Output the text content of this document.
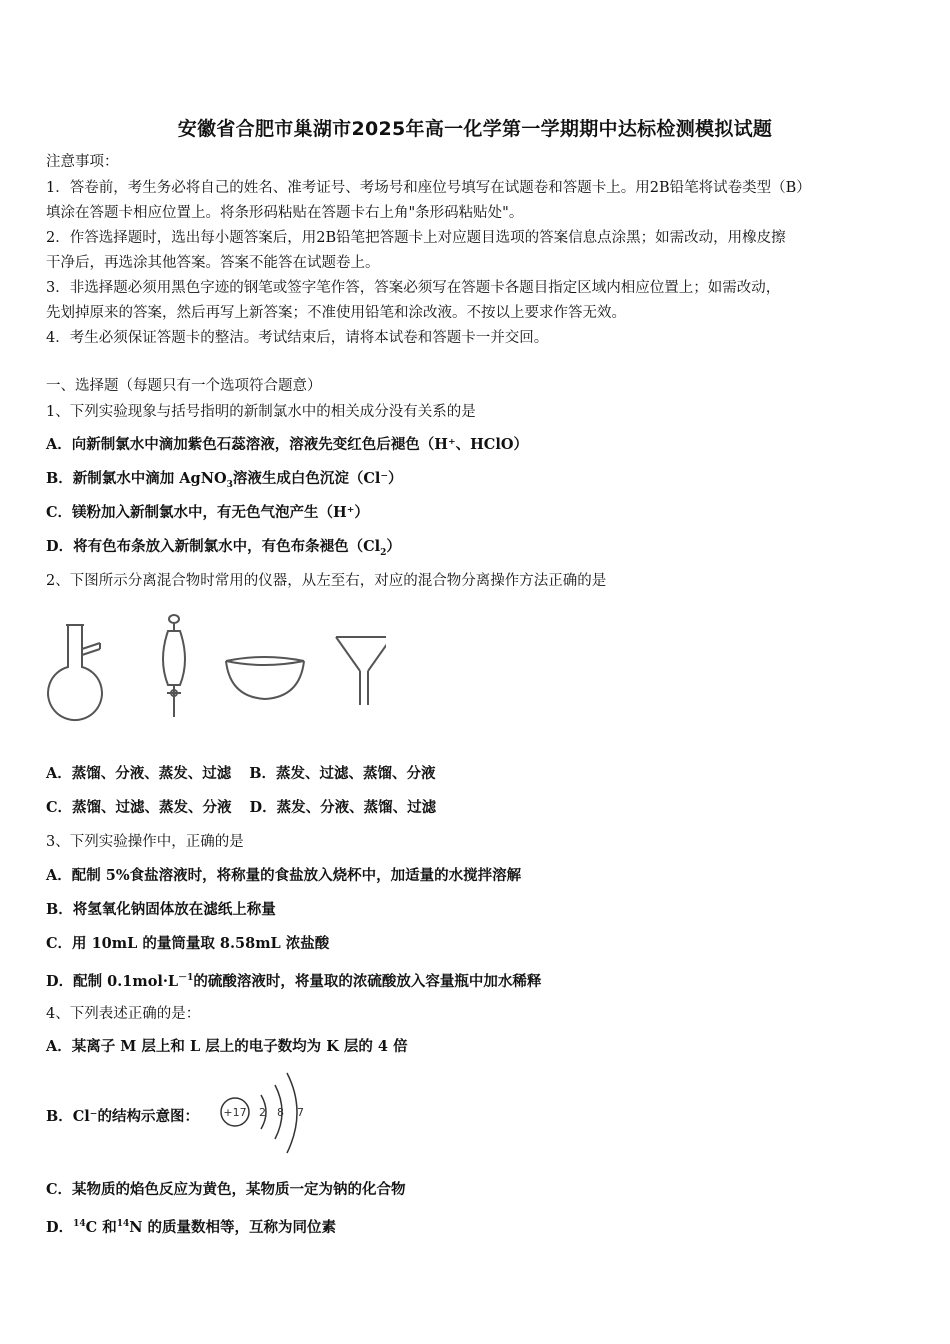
安徽省合肥市巢湖市2025年高一化学第一学期期中达标检测模拟试题
注意事项：
1．答卷前，考生务必将自己的姓名、准考证号、考场号和座位号填写在试题卷和答题卡上。用2B铅笔将试卷类型（B）
填涂在答题卡相应位置上。将条形码粘贴在答题卡右上角"条形码粘贴处"。
2．作答选择题时，选出每小题答案后，用2B铅笔把答题卡上对应题目选项的答案信息点涂黑；如需改动，用橡皮擦
干净后，再选涂其他答案。答案不能答在试题卷上。
3．非选择题必须用黑色字迹的钢笔或签字笔作答，答案必须写在答题卡各题目指定区域内相应位置上；如需改动，
先划掉原来的答案，然后再写上新答案；不准使用铅笔和涂改液。不按以上要求作答无效。
4．考生必须保证答题卡的整洁。考试结束后，请将本试卷和答题卡一并交回。
一、选择题（每题只有一个选项符合题意）
1、下列实验现象与括号指明的新制氯水中的相关成分没有关系的是
A．向新制氯水中滴加紫色石蕊溶液，溶液先变红色后褪色（H⁺、HClO）
B．新制氯水中滴加 AgNO$_3$溶液生成白色沉淀（Cl⁻）
C．镁粉加入新制氯水中，有无色气泡产生（H⁺）
D．将有色布条放入新制氯水中，有色布条褪色$(Cl_2)$
2、下图所示分离混合物时常用的仪器，从左至右，对应的混合物分离操作方法正确的是
A．蒸馏、分液、蒸发、过滤 B．蒸发、过滤、蒸馏、分液
C．蒸馏、过滤、蒸发、分液 D．蒸发、分液、蒸馏、过滤
3、下列实验操作中，正确的是
A．配制 5%食盐溶液时，将称量的食盐放入烧杯中，加适量的水搅拌溶解
B．将氢氧化钠固体放在滤纸上称量
C．用 10mL 的量筒量取 8.58mL 浓盐酸
D．配制 $0.1mol\cdot L^{-1}$的硫酸溶液时，将量取的浓硫酸放入容量瓶中加水稀释
4、下列表述正确的是：
A．某离子 M 层上和 L 层上的电子数均为 K 层的 4 倍
B．Cl⁻的结构示意图：	+17 2 8 7
C．某物质的焰色反应为黄色，某物质一定为钠的化合物
D．$^{14}$C 和$^{14}$N 的质量数相等，互称为同位素
